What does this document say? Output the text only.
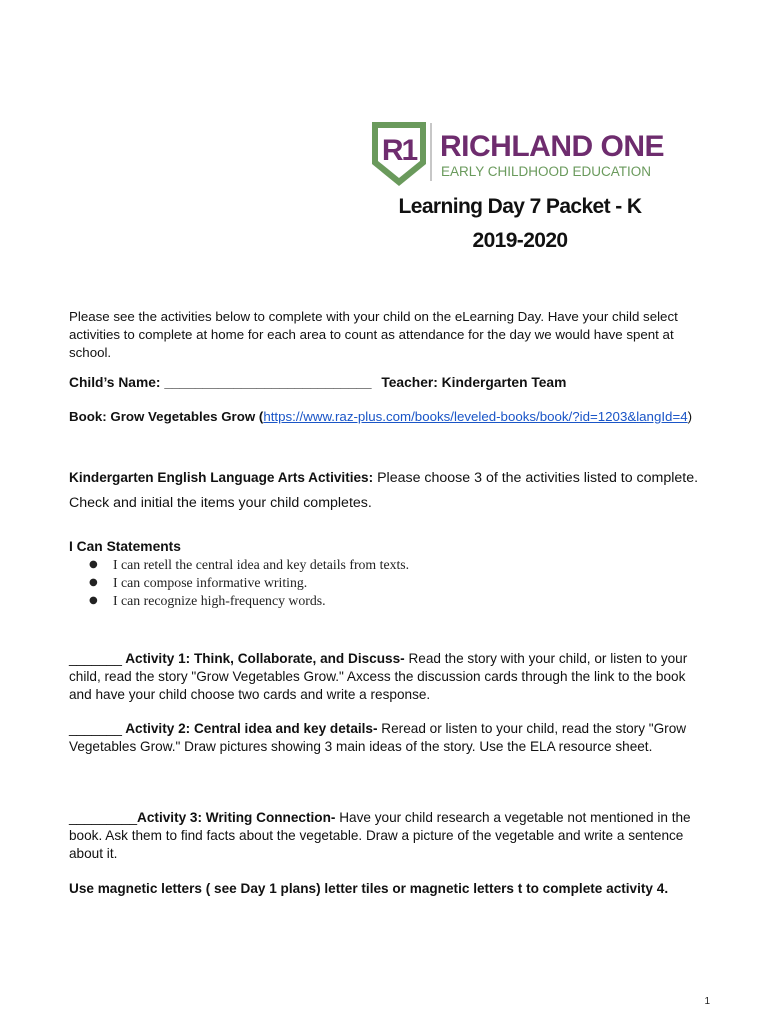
R1 RICHLAND ONE
EARLY CHILDHOOD EDUCATION
Learning Day 7 Packet - K
2019-2020
Please see the activities below to complete with your child on the eLearning Day. Have your child select activities to complete at home for each area to count as attendance for the day we would have spent at school.
Child’s Name: ___________________________ Teacher: Kindergarten Team
Book: Grow Vegetables Grow (https://www.raz-plus.com/books/leveled-books/book/?id=1203&langId=4)
Kindergarten English Language Arts Activities: Please choose 3 of the activities listed to complete. Check and initial the items your child completes.
I Can Statements
● I can retell the central idea and key details from texts.
● I can compose informative writing.
● I can recognize high-frequency words.
_______ Activity 1: Think, Collaborate, and Discuss- Read the story with your child, or listen to your child, read the story "Grow Vegetables Grow." Axcess the discussion cards through the link to the book and have your child choose two cards and write a response.
_______ Activity 2: Central idea and key details- Reread or listen to your child, read the story "Grow Vegetables Grow." Draw pictures showing 3 main ideas of the story. Use the ELA resource sheet.
_________Activity 3: Writing Connection- Have your child research a vegetable not mentioned in the book. Ask them to find facts about the vegetable. Draw a picture of the vegetable and write a sentence about it.
Use magnetic letters ( see Day 1 plans) letter tiles or magnetic letters t to complete activity 4.
1
